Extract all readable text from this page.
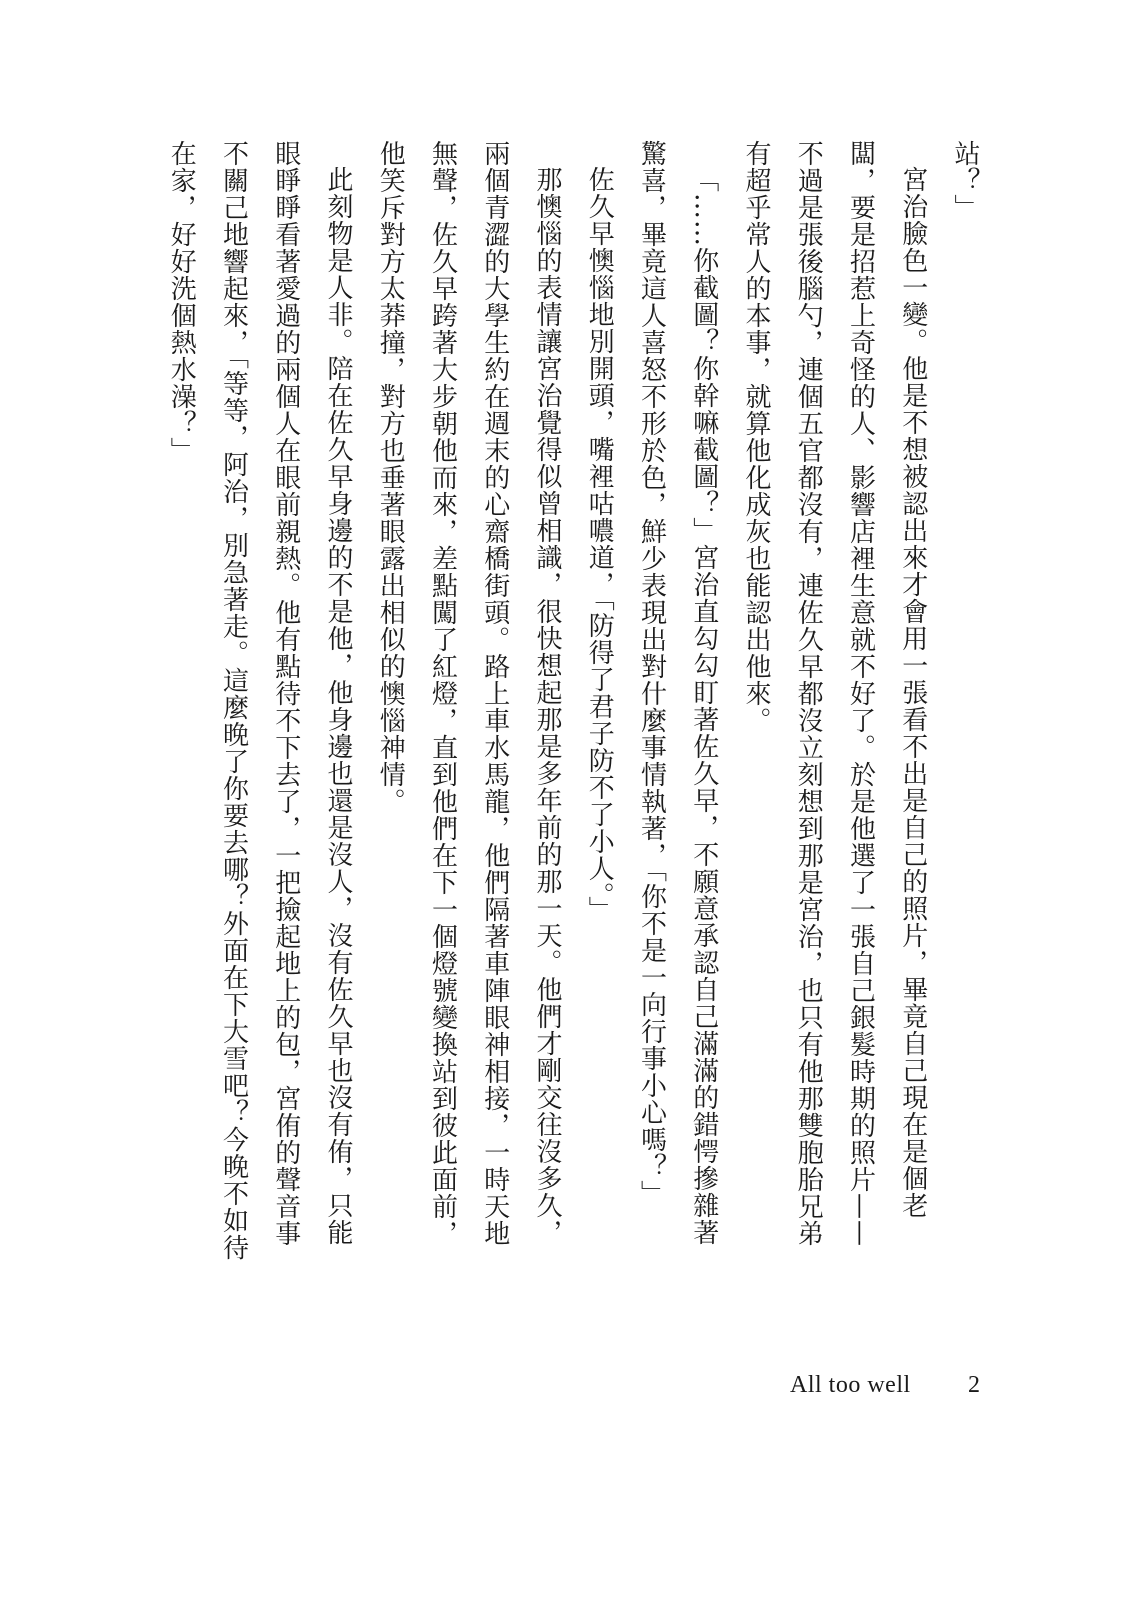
站？」

宮治臉色一變。他是不想被認出來才會用一張看不出是自己的照片，畢竟自己現在是個老闆，要是招惹上奇怪的人、影響店裡生意就不好了。於是他選了一張自己銀髮時期的照片——不過是張後腦勺，連個五官都沒有，連佐久早都沒立刻想到那是宮治，也只有他那雙胞胎兄弟有超乎常人的本事，就算他化成灰也能認出他來。

「……你截圖？你幹嘛截圖？」宮治直勾勾盯著佐久早，不願意承認自己滿滿的錯愕摻雜著驚喜，畢竟這人喜怒不形於色，鮮少表現出對什麼事情執著，「你不是一向行事小心嗎？」

佐久早懊惱地別開頭，嘴裡咕噥道，「防得了君子防不了小人。」

那懊惱的表情讓宮治覺得似曾相識，很快想起那是多年前的那一天。他們才剛交往沒多久，兩個青澀的大學生約在週末的心齋橋街頭。路上車水馬龍，他們隔著車陣眼神相接，一時天地無聲，佐久早跨著大步朝他而來，差點闖了紅燈，直到他們在下一個燈號變換站到彼此面前，他笑斥對方太莽撞，對方也垂著眼露出相似的懊惱神情。

此刻物是人非。陪在佐久早身邊的不是他，他身邊也還是沒人，沒有佐久早也沒有侑，只能眼睜睜看著愛過的兩個人在眼前親熱。他有點待不下去了，一把撿起地上的包，宮侑的聲音事不關己地響起來，「等等，阿治，別急著走。這麼晚了你要去哪？外面在下大雪吧？今晚不如待在家，好好洗個熱水澡？」

All too well 2
